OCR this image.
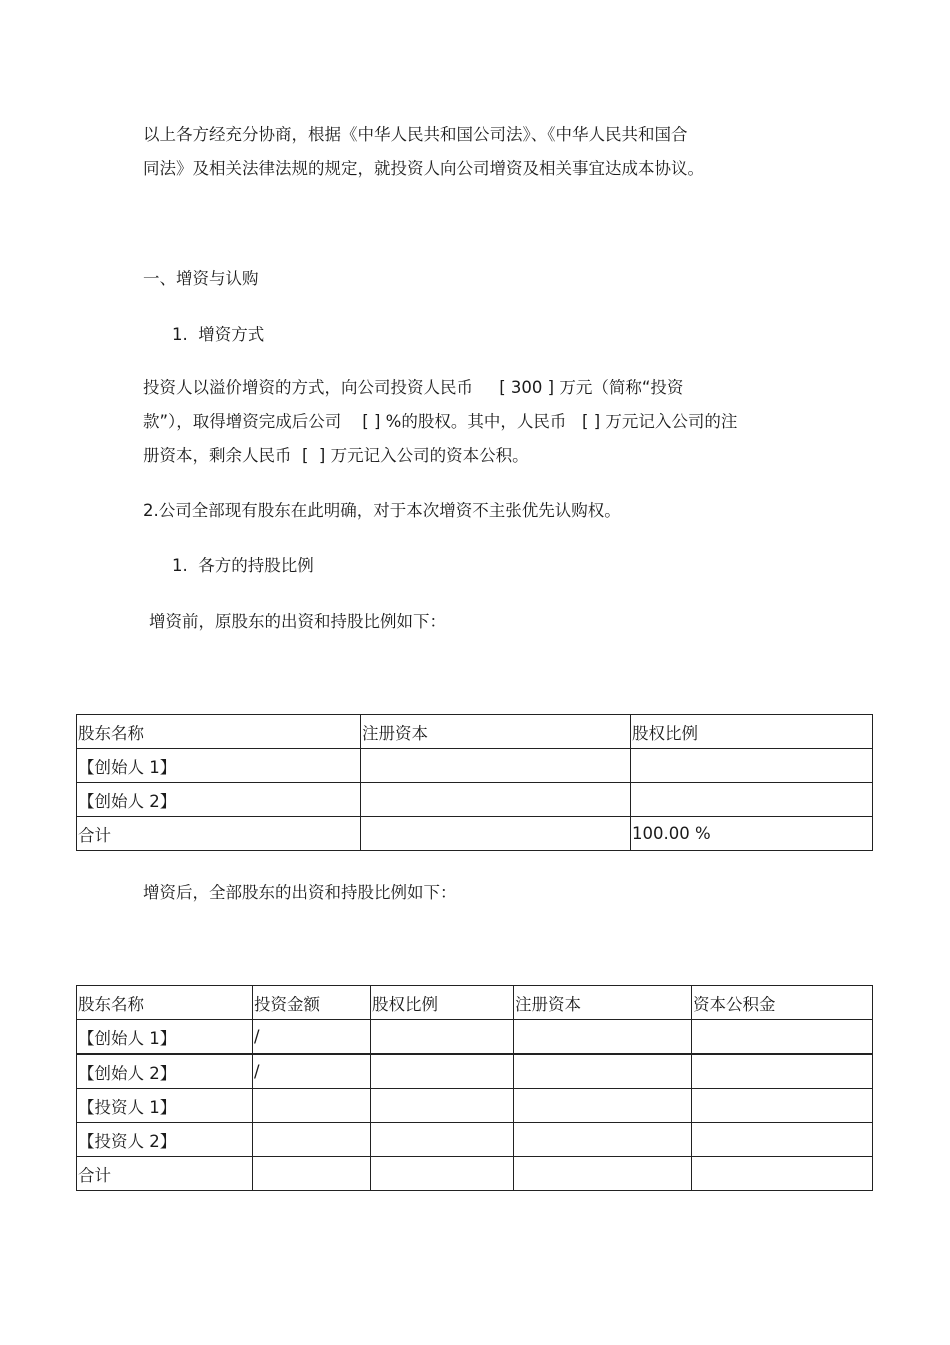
以上各方经充分协商，根据《中华人民共和国公司法》、《中华人民共和国合
同法》及相关法律法规的规定，就投资人向公司增资及相关事宜达成本协议。
一、增资与认购
1.  增资方式
投资人以溢价增资的方式，向公司投资人民币     [ 300 ] 万元（简称“投资
款”），取得增资完成后公司    [ ] %的股权。其中，人民币   [ ] 万元记入公司的注
册资本，剩余人民币  [  ] 万元记入公司的资本公积。
2.公司全部现有股东在此明确，对于本次增资不主张优先认购权。
1.  各方的持股比例
增资前，原股东的出资和持股比例如下：
股东名称	注册资本	股权比例
【创始人 1】		
【创始人 2】		
合计		100.00 %
增资后，全部股东的出资和持股比例如下：
股东名称	投资金额	股权比例	注册资本	资本公积金
【创始人 1】	/			
【创始人 2】	/			
【投资人 1】				
【投资人 2】				
合计				
